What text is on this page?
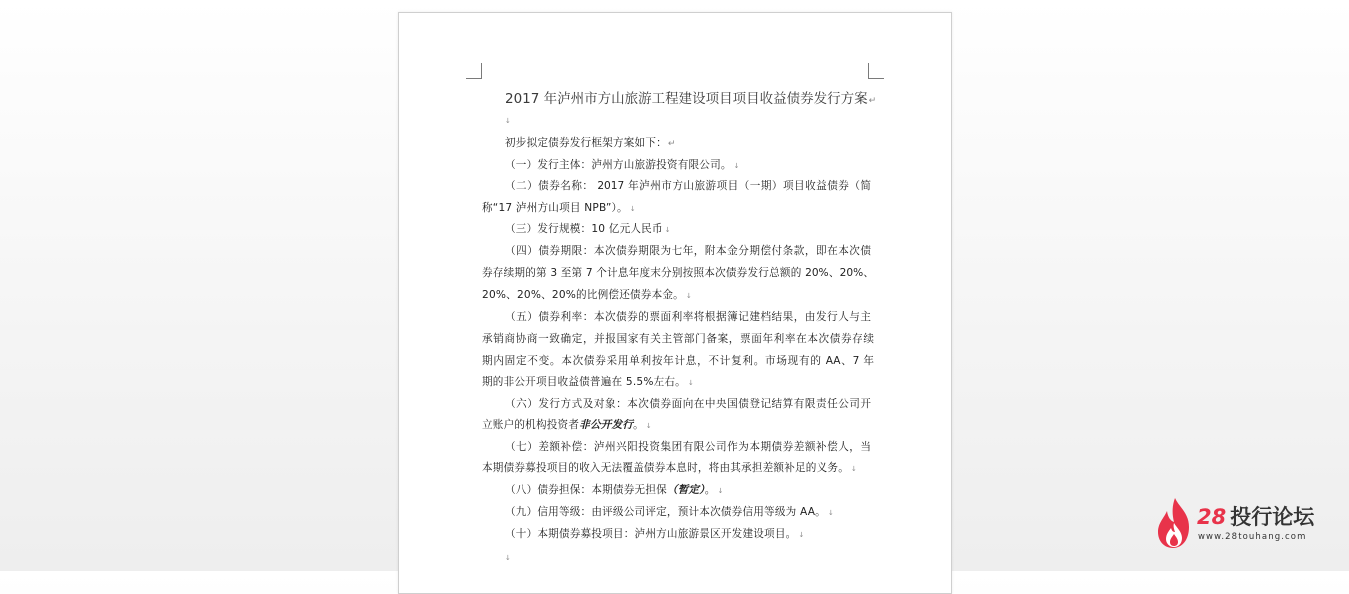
2017 年泸州市方山旅游工程建设项目项目收益债券发行方案↵
↓
初步拟定债券发行框架方案如下：↵
（一）发行主体：泸州方山旅游投资有限公司。 ↓
（二）债券名称： 2017 年泸州市方山旅游项目（一期）项目收益债券（简
称“17 泸州方山项目 NPB”）。 ↓
（三）发行规模：10 亿元人民币 ↓
（四）债券期限：本次债券期限为七年，附本金分期偿付条款，即在本次债
券存续期的第 3 至第 7 个计息年度末分别按照本次债券发行总额的 20%、20%、
20%、20%、20%的比例偿还债券本金。 ↓
（五）债券利率：本次债券的票面利率将根据簿记建档结果，由发行人与主
承销商协商一致确定，并报国家有关主管部门备案，票面年利率在本次债券存续
期内固定不变。本次债券采用单利按年计息，不计复利。市场现有的 AA、7 年
期的非公开项目收益债普遍在 5.5%左右。 ↓
（六）发行方式及对象：本次债券面向在中央国债登记结算有限责任公司开
立账户的机构投资者非公开发行。 ↓
（七）差额补偿：泸州兴阳投资集团有限公司作为本期债券差额补偿人，当
本期债券募投项目的收入无法覆盖债券本息时，将由其承担差额补足的义务。 ↓
（八）债券担保：本期债券无担保（暂定）。 ↓
（九）信用等级：由评级公司评定，预计本次债券信用等级为 AA。 ↓
（十）本期债券募投项目：泸州方山旅游景区开发建设项目。 ↓
↓
28 投行论坛
www.28touhang.com
